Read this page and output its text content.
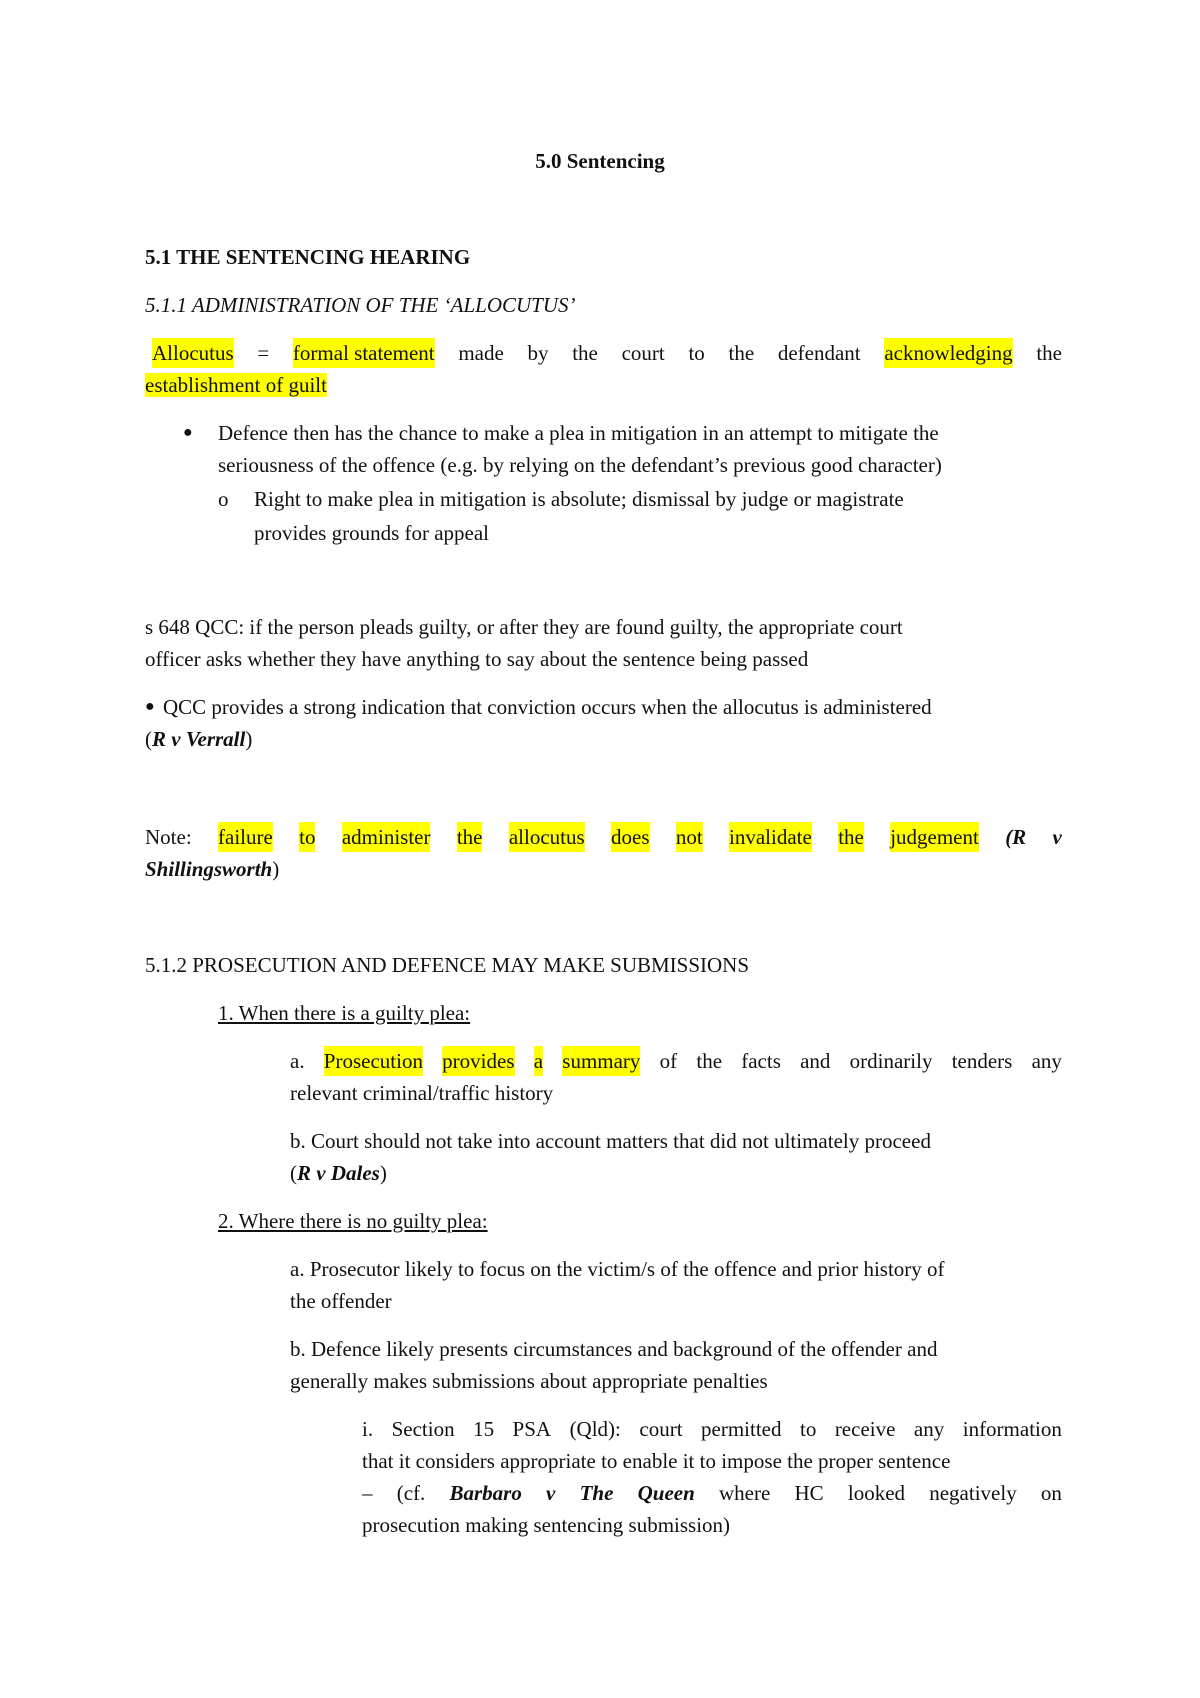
5.0 Sentencing
5.1 THE SENTENCING HEARING
5.1.1 ADMINISTRATION OF THE ‘ALLOCUTUS’
Allocutus = formal statement made by the court to the defendant acknowledging the
establishment of guilt
● Defence then has the chance to make a plea in mitigation in an attempt to mitigate the
seriousness of the offence (e.g. by relying on the defendant’s previous good character)
o Right to make plea in mitigation is absolute; dismissal by judge or magistrate
provides grounds for appeal
s 648 QCC: if the person pleads guilty, or after they are found guilty, the appropriate court
officer asks whether they have anything to say about the sentence being passed
● QCC provides a strong indication that conviction occurs when the allocutus is administered
(R v Verrall)
Note: failure to administer the allocutus does not invalidate the judgement (R v
Shillingsworth)
5.1.2 PROSECUTION AND DEFENCE MAY MAKE SUBMISSIONS
1. When there is a guilty plea:
a. Prosecution provides a summary of the facts and ordinarily tenders any
relevant criminal/traffic history
b. Court should not take into account matters that did not ultimately proceed
(R v Dales)
2. Where there is no guilty plea:
a. Prosecutor likely to focus on the victim/s of the offence and prior history of
the offender
b. Defence likely presents circumstances and background of the offender and
generally makes submissions about appropriate penalties
i. Section 15 PSA (Qld): court permitted to receive any information
that it considers appropriate to enable it to impose the proper sentence
– (cf. Barbaro v The Queen where HC looked negatively on
prosecution making sentencing submission)
